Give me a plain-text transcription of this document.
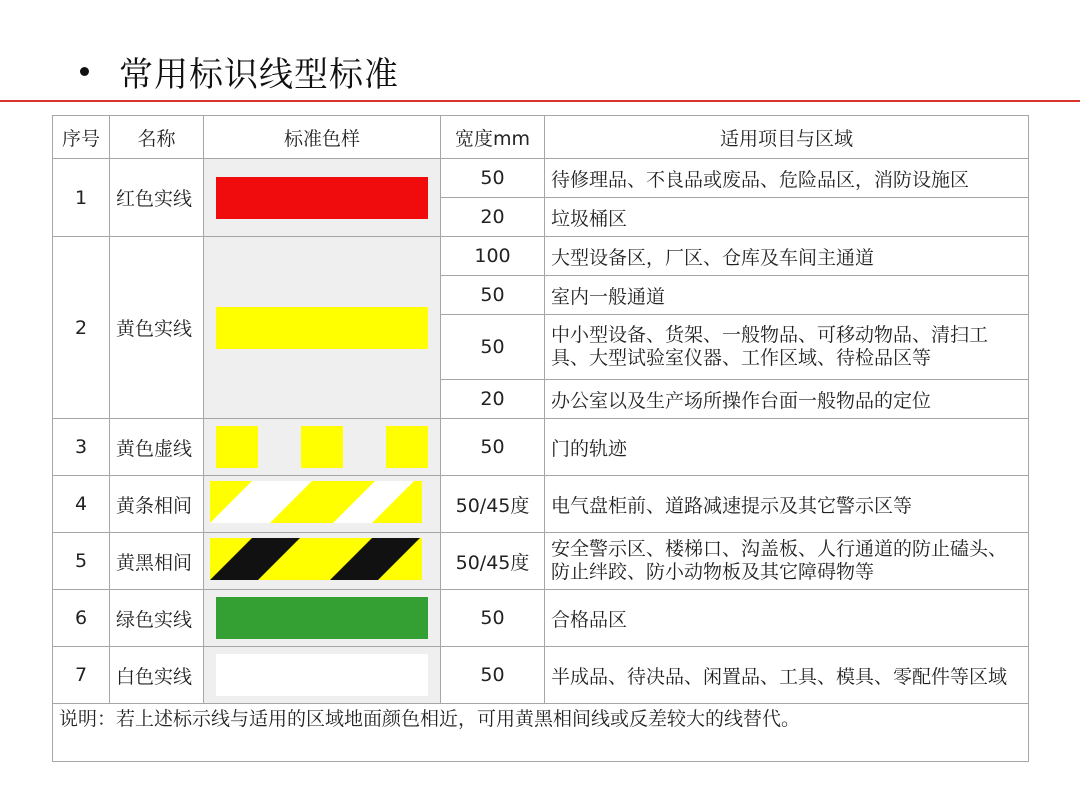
常用标识线型标准
序号	名称	标准色样	宽度mm	适用项目与区域
1	红色实线		50	待修理品、不良品或废品、危险品区，消防设施区
			20	垃圾桶区
2	黄色实线		100	大型设备区，厂区、仓库及车间主通道
			50	室内一般通道
			50	中小型设备、货架、一般物品、可移动物品、清扫工具、大型试验室仪器、工作区域、待检品区等
			20	办公室以及生产场所操作台面一般物品的定位
3	黄色虚线		50	门的轨迹
4	黄条相间		50/45度	电气盘柜前、道路减速提示及其它警示区等
5	黄黑相间		50/45度	安全警示区、楼梯口、沟盖板、人行通道的防止磕头、防止绊跤、防小动物板及其它障碍物等
6	绿色实线		50	合格品区
7	白色实线		50	半成品、待决品、闲置品、工具、模具、零配件等区域
说明：若上述标示线与适用的区域地面颜色相近，可用黄黑相间线或反差较大的线替代。				
